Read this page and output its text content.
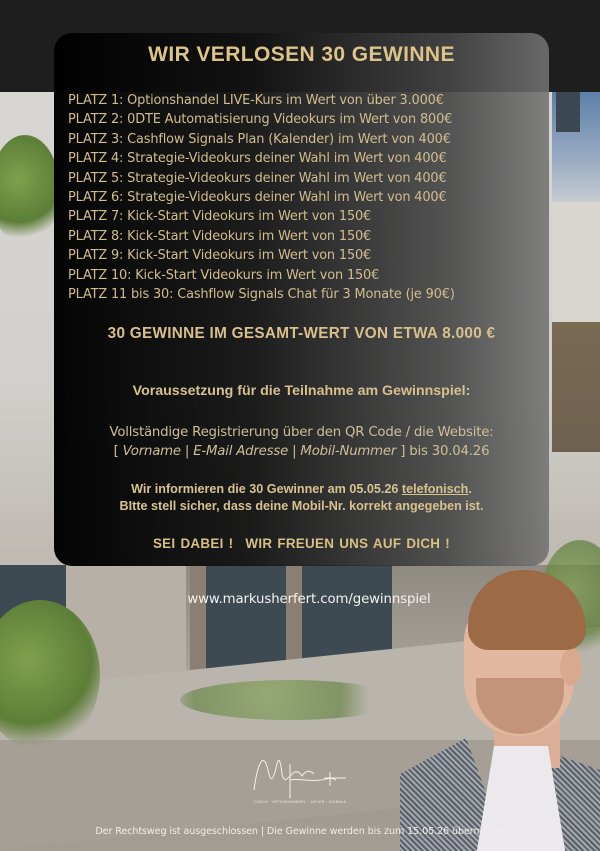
WIR VERLOSEN 30 GEWINNE
PLATZ 1: Optionshandel LIVE-Kurs im Wert von über 3.000€
PLATZ 2: 0DTE Automatisierung Videokurs im Wert von 800€
PLATZ 3: Cashflow Signals Plan (Kalender) im Wert von 400€
PLATZ 4: Strategie-Videokurs deiner Wahl im Wert von 400€
PLATZ 5: Strategie-Videokurs deiner Wahl im Wert von 400€
PLATZ 6: Strategie-Videokurs deiner Wahl im Wert von 400€
PLATZ 7: Kick-Start Videokurs im Wert von 150€
PLATZ 8: Kick-Start Videokurs im Wert von 150€
PLATZ 9: Kick-Start Videokurs im Wert von 150€
PLATZ 10: Kick-Start Videokurs im Wert von 150€
PLATZ 11 bis 30: Cashflow Signals Chat für 3 Monate (je 90€)
30 GEWINNE IM GESAMT-WERT VON ETWA 8.000 €
Voraussetzung für die Teilnahme am Gewinnspiel:
Vollständige Registrierung über den QR Code / die Website:
[ Vorname | E-Mail Adresse | Mobil-Nummer ] bis 30.04.26
Wir informieren die 30 Gewinner am 05.05.26 telefonisch.
BItte stell sicher, dass deine Mobil-Nr. korrekt angegeben ist.
SEI DABEI ! WIR FREUEN UNS AUF DICH !
www.markusherfert.com/gewinnspiel
COACH · OPTIONSHANDEL · AKTIEN · SIGNALS
Der Rechtsweg ist ausgeschlossen | Die Gewinne werden bis zum 15.05.26 übermittelt
